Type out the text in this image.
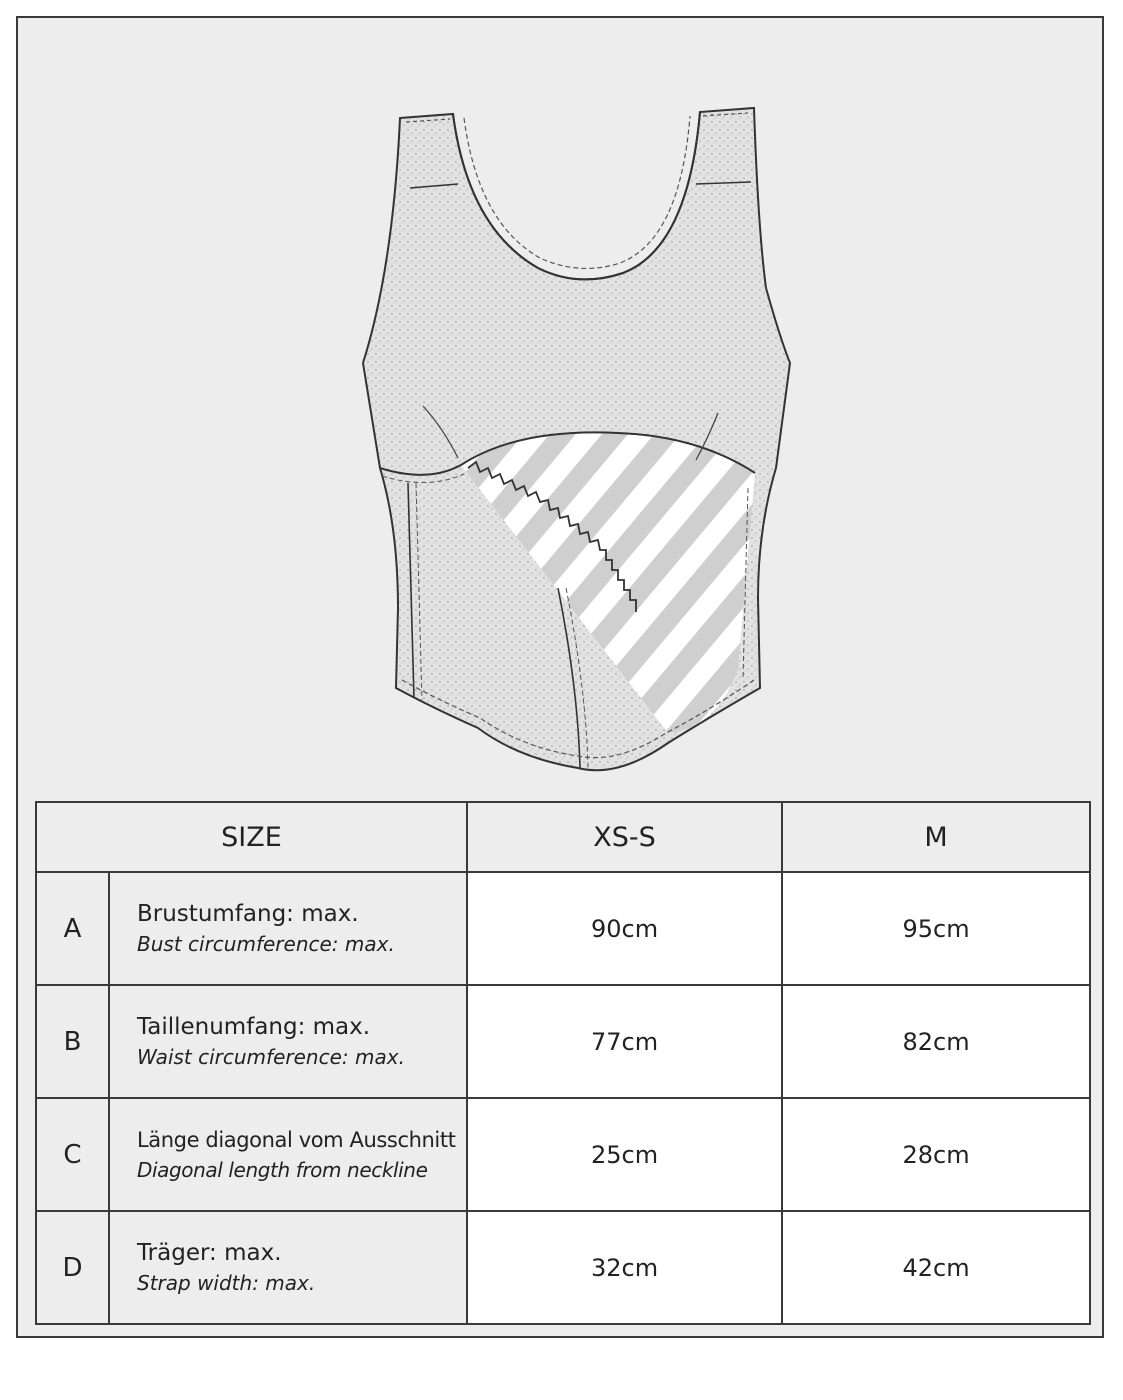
SIZE		XS-S	M
A	Brustumfang: max.
Bust circumference: max.	90cm	95cm
B	Taillenumfang: max.
Waist circumference: max.	77cm	82cm
C	Länge diagonal vom Ausschnitt
Diagonal length from neckline	25cm	28cm
D	Träger: max.
Strap width: max.	32cm	42cm
